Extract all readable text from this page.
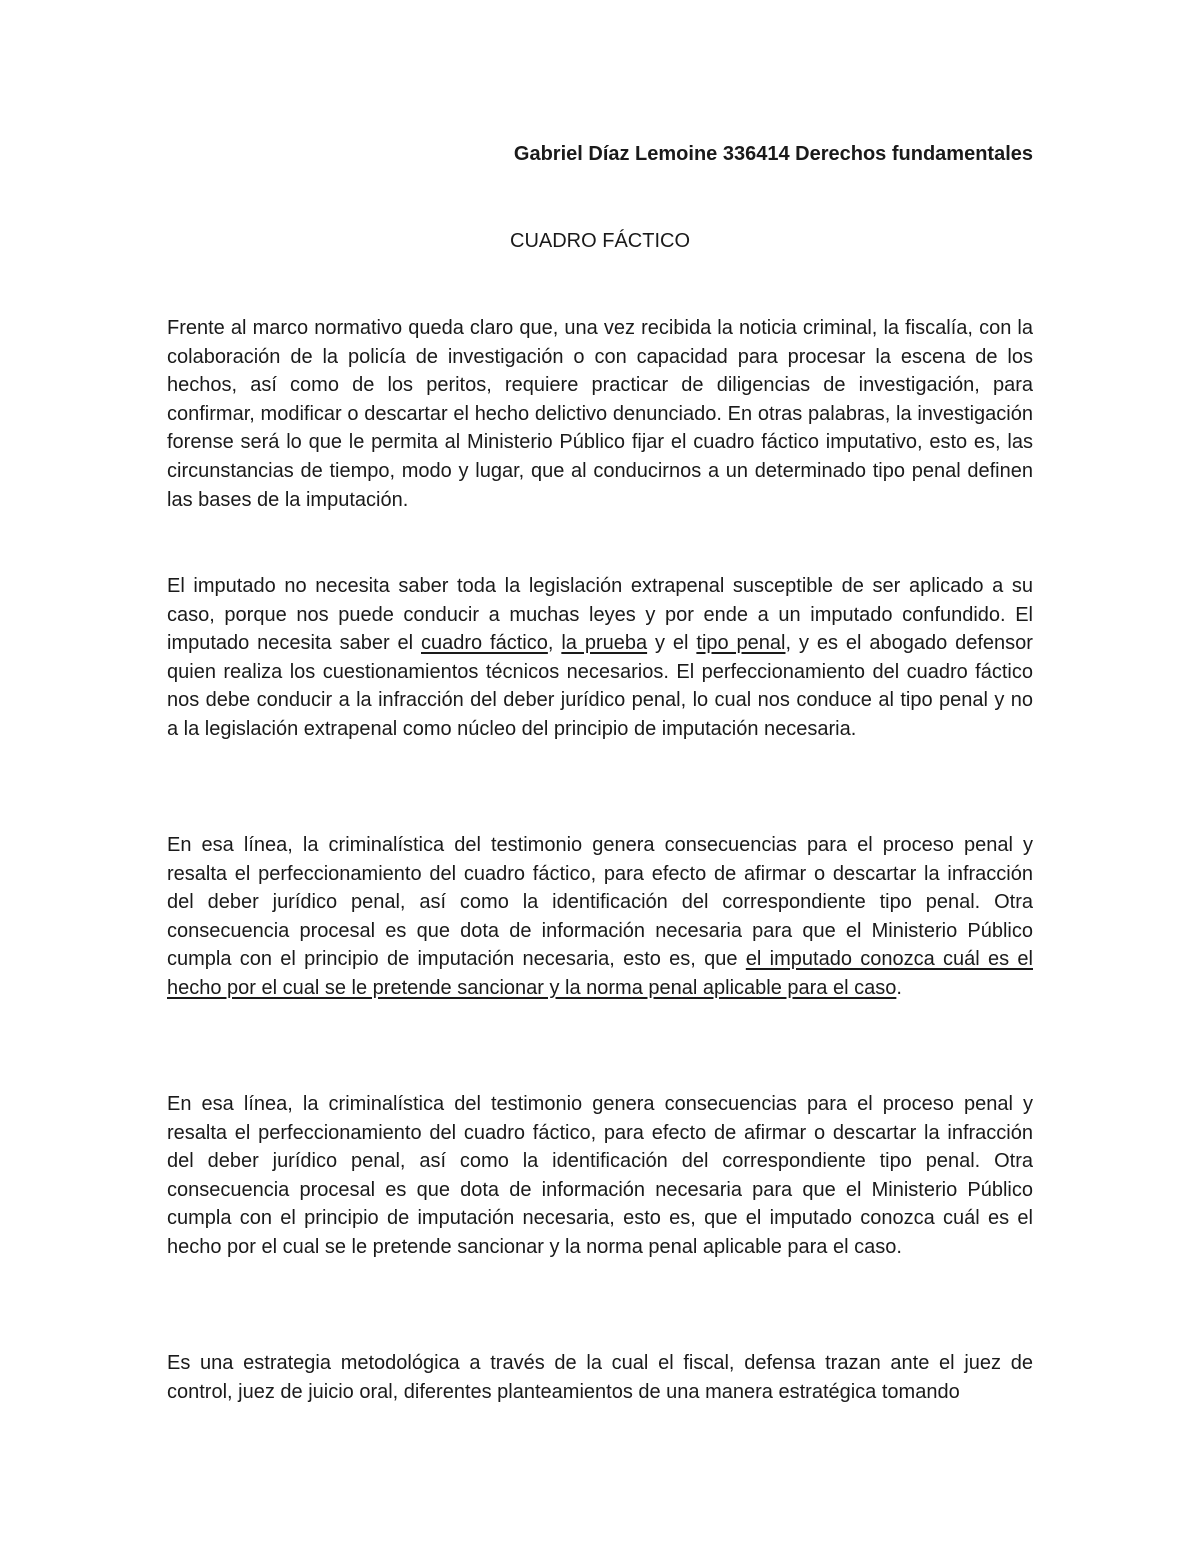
Gabriel Díaz Lemoine 336414 Derechos fundamentales
CUADRO FÁCTICO

Frente al marco normativo queda claro que, una vez recibida la noticia criminal, la fiscalía, con la colaboración de la policía de investigación o con capacidad para procesar la escena de los hechos, así como de los peritos, requiere practicar de diligencias de investigación, para confirmar, modificar o descartar el hecho delictivo denunciado. En otras palabras, la investigación forense será lo que le permita al Ministerio Público fijar el cuadro fáctico imputativo, esto es, las circunstancias de tiempo, modo y lugar, que al conducirnos a un determinado tipo penal definen las bases de la imputación.

El imputado no necesita saber toda la legislación extrapenal susceptible de ser aplicado a su caso, porque nos puede conducir a muchas leyes y por ende a un imputado confundido. El imputado necesita saber el cuadro fáctico, la prueba y el tipo penal, y es el abogado defensor quien realiza los cuestionamientos técnicos necesarios. El perfeccionamiento del cuadro fáctico nos debe conducir a la infracción del deber jurídico penal, lo cual nos conduce al tipo penal y no a la legislación extrapenal como núcleo del principio de imputación necesaria.

En esa línea, la criminalística del testimonio genera consecuencias para el proceso penal y resalta el perfeccionamiento del cuadro fáctico, para efecto de afirmar o descartar la infracción del deber jurídico penal, así como la identificación del correspondiente tipo penal. Otra consecuencia procesal es que dota de información necesaria para que el Ministerio Público cumpla con el principio de imputación necesaria, esto es, que el imputado conozca cuál es el hecho por el cual se le pretende sancionar y la norma penal aplicable para el caso.

En esa línea, la criminalística del testimonio genera consecuencias para el proceso penal y resalta el perfeccionamiento del cuadro fáctico, para efecto de afirmar o descartar la infracción del deber jurídico penal, así como la identificación del correspondiente tipo penal. Otra consecuencia procesal es que dota de información necesaria para que el Ministerio Público cumpla con el principio de imputación necesaria, esto es, que el imputado conozca cuál es el hecho por el cual se le pretende sancionar y la norma penal aplicable para el caso.

Es una estrategia metodológica a través de la cual el fiscal, defensa trazan ante el juez de control, juez de juicio oral, diferentes planteamientos de una manera estratégica tomando
